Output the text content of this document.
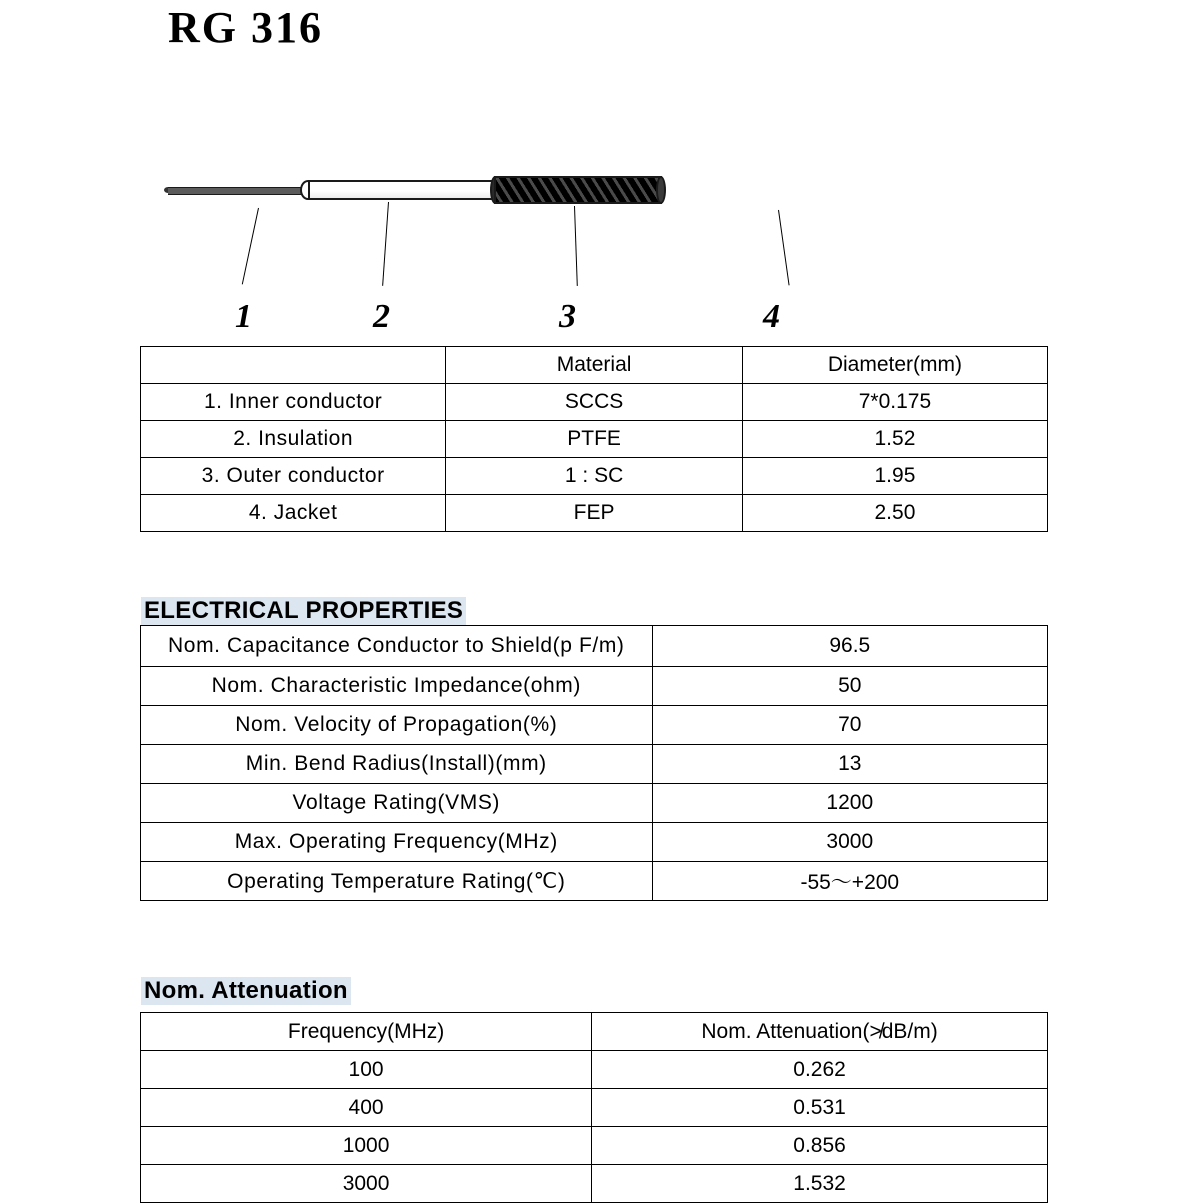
RG 316
1	2	3	4
	Material	Diameter(mm)
1. Inner conductor	SCCS	7*0.175
2. Insulation	PTFE	1.52
3. Outer conductor	1 : SC	1.95
4. Jacket	FEP	2.50
ELECTRICAL PROPERTIES
Nom. Capacitance Conductor to Shield(p F/m)	96.5
Nom. Characteristic Impedance(ohm)	50
Nom. Velocity of Propagation(%)	70
Min. Bend Radius(Install)(mm)	13
Voltage Rating(VMS)	1200
Max. Operating Frequency(MHz)	3000
Operating Temperature Rating(℃)	-55～+200
Nom. Attenuation
Frequency(MHz)	Nom. Attenuation(≯dB/m)
100	0.262
400	0.531
1000	0.856
3000	1.532
